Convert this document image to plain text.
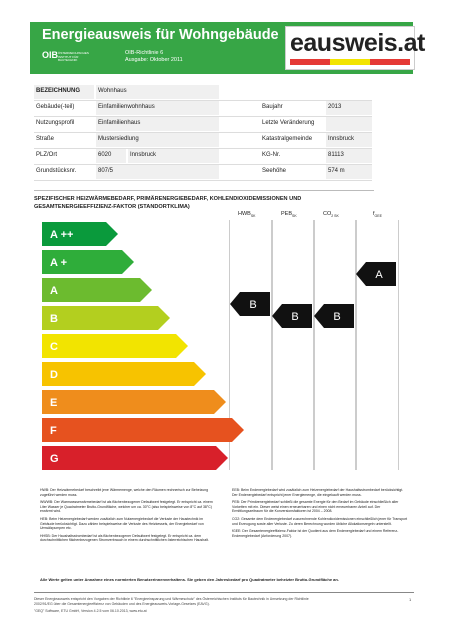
Energieausweis für Wohngebäude
OIB ÖSTERREICHISCHES INSTITUT FÜR BAUTECHNIK
OIB-Richtlinie 6
Ausgabe: Oktober 2011
eausweis.at
BEZEICHNUNG	Wohnhaus
Gebäude(-teil)	Einfamilienwohnhaus	Baujahr	2013
Nutzungsprofil	Einfamilienhaus	Letzte Veränderung
Straße	Mustersiedlung	Katastralgemeinde	Innsbruck
PLZ/Ort	6020	Innsbruck	KG-Nr.	81113
Grundstücksnr.	807/5	Seehöhe	574 m
SPEZIFISCHER HEIZWÄRMEBEDARF, PRIMÄRENERGIEBEDARF, KOHLENDIOXIDEMISSIONEN UND
GESAMTENERGIEEFFIZIENZ-FAKTOR (STANDORTKLIMA)
$HWB_{SK}$	$PEB_{SK}$	$CO_{2 SK}$	$f_{GEE}$
A ++
A +
A
B
C
D
E
F
G
B
B	B
A
HWB: Der Heizwärmebedarf beschreibt jene Wärmemenge, welche den Räumen rechnerisch zur Beheizung zugeführt werden muss.
WWWB: Der Warmwasserwärmebedarf ist als flächenbezogener Defaultwert festgelegt. Er entspricht ca. einem Liter Wasser je Quadratmeter Brutto-Grundfläche, welcher um ca. 30°C (also beispielsweise von 8°C auf 38°C) erwärmt wird.
HEB: Beim Heizenergiebedarf werden zusätzlich zum Nutzenergiebedarf die Verluste der Haustechnik im Gebäude berücksichtigt. Dazu zählen beispielsweise die Verluste des Heizkessels, der Energiebedarf von Umwälzpumpen etc.
HHSB: Der Haushaltsstrombedarf ist als flächenbezogener Defaultwert festgelegt. Er entspricht ca. dem durchschnittlichen flächenbezogenen Stromverbrauch in einem durchschnittlichen österreichischen Haushalt.
EEB: Beim Endenergiebedarf wird zusätzlich zum Heizenergiebedarf der Haushaltsstrombedarf berücksichtigt. Der Endenergiebedarf entspricht jener Energiemenge, die eingekauft werden muss.
PEB: Der Primärenergiebedarf schließt die gesamte Energie für den Bedarf im Gebäude einschließlich aller Vorketten mit ein. Dieser weist einen erneuerbaren und einen nicht erneuerbaren Anteil auf. Der Ermittlungszeitraum für die Konversionsfaktoren ist 2004 – 2008.
CO2: Gesamte dem Endenergiebedarf zuzurechnende Kohlendioxidemissionen einschließlich jener für Transport und Erzeugung sowie aller Verluste. Zu deren Berechnung wurden übliche Allokationsregeln unterstellt.
fGEE: Der Gesamtenergieeffizienz-Faktor ist der Quotient aus dem Endenergiebedarf und einem Referenz-Endenergiebedarf (Anforderung 2007).
Alle Werte gelten unter Annahme eines normierten Benutzerinnenverhaltens. Sie geben den Jahresbedarf pro Quadratmeter beheizter Brutto-Grundfläche an.
Dieser Energieausweis entspricht den Vorgaben der Richtlinie 6 "Energieeinsparung und Wärmeschutz" des Österreichischen Instituts für Bautechnik in Umsetzung der Richtlinie
2002/91/EG über die Gesamtenergieeffizienz von Gebäuden und des Energieausweis-Vorlage-Gesetzes (EAVG).
"GEQ" Software, ETU GmbH, Version 4.2.5 vom 06.10.2013, www.etu.at
1
